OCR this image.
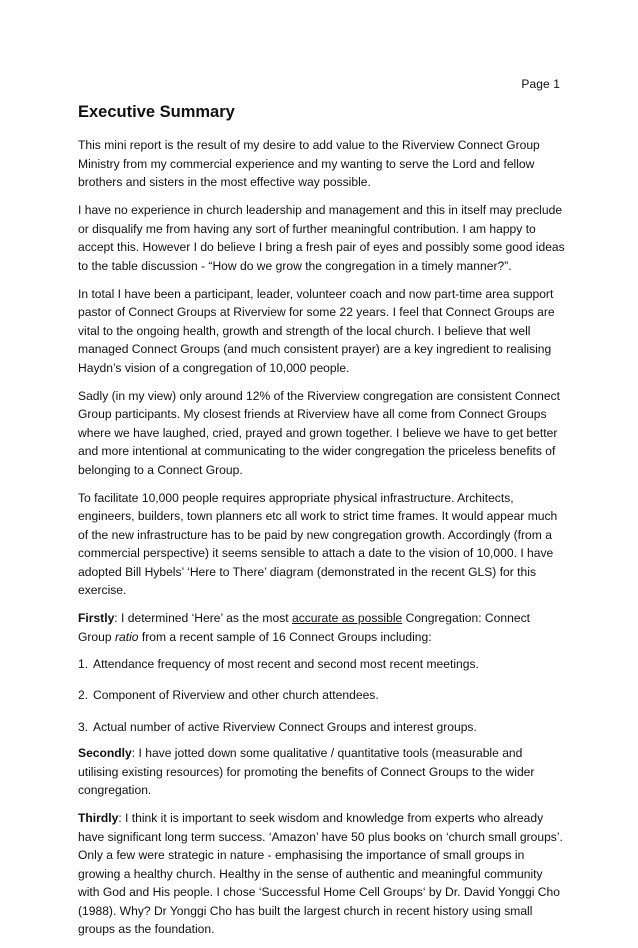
Page 1
Executive Summary

This mini report is the result of my desire to add value to the Riverview Connect Group Ministry from my commercial experience and my wanting to serve the Lord and fellow brothers and sisters in the most effective way possible.

I have no experience in church leadership and management and this in itself may preclude or disqualify me from having any sort of further meaningful contribution. I am happy to accept this. However I do believe I bring a fresh pair of eyes and possibly some good ideas to the table discussion - “How do we grow the congregation in a timely manner?”.

In total I have been a participant, leader, volunteer coach and now part-time area support pastor of Connect Groups at Riverview for some 22 years. I feel that Connect Groups are vital to the ongoing health, growth and strength of the local church. I believe that well managed Connect Groups (and much consistent prayer) are a key ingredient to realising Haydn’s vision of a congregation of 10,000 people.

Sadly (in my view) only around 12% of the Riverview congregation are consistent Connect Group participants. My closest friends at Riverview have all come from Connect Groups where we have laughed, cried, prayed and grown together. I believe we have to get better and more intentional at communicating to the wider congregation the priceless benefits of belonging to a Connect Group.

To facilitate 10,000 people requires appropriate physical infrastructure. Architects, engineers, builders, town planners etc all work to strict time frames. It would appear much of the new infrastructure has to be paid by new congregation growth. Accordingly (from a commercial perspective) it seems sensible to attach a date to the vision of 10,000. I have adopted Bill Hybels’ ‘Here to There’ diagram (demonstrated in the recent GLS) for this exercise.

Firstly: I determined ‘Here’ as the most accurate as possible Congregation: Connect Group ratio from a recent sample of 16 Connect Groups including:

1. Attendance frequency of most recent and second most recent meetings.
2. Component of Riverview and other church attendees.
3. Actual number of active Riverview Connect Groups and interest groups.

Secondly: I have jotted down some qualitative / quantitative tools (measurable and utilising existing resources) for promoting the benefits of Connect Groups to the wider congregation.

Thirdly: I think it is important to seek wisdom and knowledge from experts who already have significant long term success. ‘Amazon’ have 50 plus books on ‘church small groups’. Only a few were strategic in nature - emphasising the importance of small groups in growing a healthy church. Healthy in the sense of authentic and meaningful community with God and His people. I chose ‘Successful Home Cell Groups‘ by Dr. David Yonggi Cho (1988). Why? Dr Yonggi Cho has built the largest church in recent history using small groups as the foundation.
